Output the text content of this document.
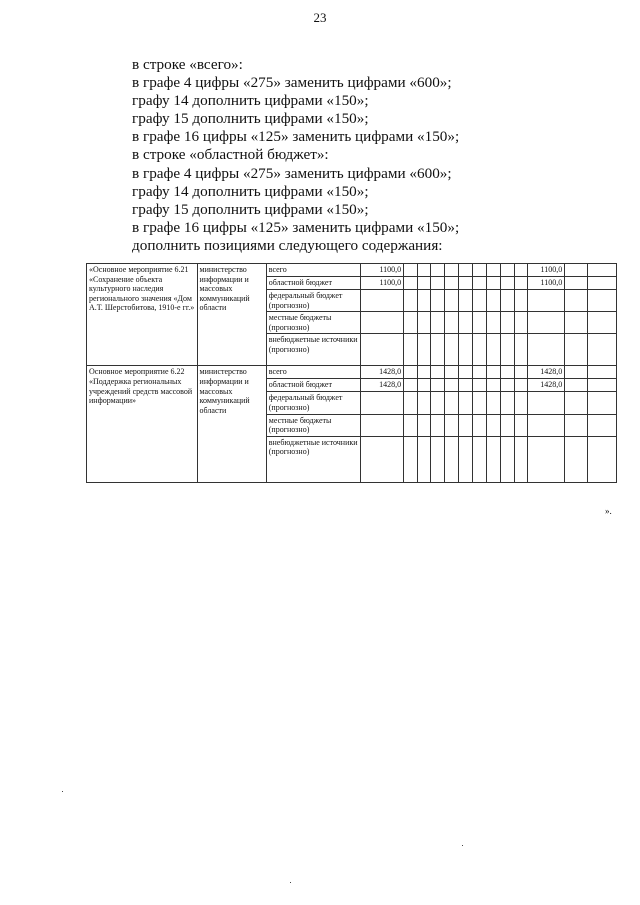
23
в строке «всего»:
в графе 4 цифры «275» заменить цифрами «600»;
графу 14 дополнить цифрами «150»;
графу 15 дополнить цифрами «150»;
в графе 16 цифры «125» заменить цифрами «150»;
в строке «областной бюджет»:
в графе 4 цифры «275» заменить цифрами «600»;
графу 14 дополнить цифрами «150»;
графу 15 дополнить цифрами «150»;
в графе 16 цифры «125» заменить цифрами «150»;
дополнить позициями следующего содержания:
«Основное мероприятие 6.21 «Сохранение объекта культурного наследия регионального значения «Дом А.Т. Шерстобитова, 1910-е гг.»	министерство информации и массовых коммуникаций области	всего	1100,0										1100,0		
		областной бюджет	1100,0										1100,0		
		федеральный бюджет (прогнозно)													
		местные бюджеты (прогнозно)													
		внебюджетные источники (прогнозно)													
Основное мероприятие 6.22 «Поддержка региональных учреждений средств массовой информации»	министерство информации и массовых коммуникаций области	всего	1428,0										1428,0		
		областной бюджет	1428,0										1428,0		
		федеральный бюджет (прогнозно)													
		местные бюджеты (прогнозно)													
		внебюджетные источники (прогнозно)													
».
